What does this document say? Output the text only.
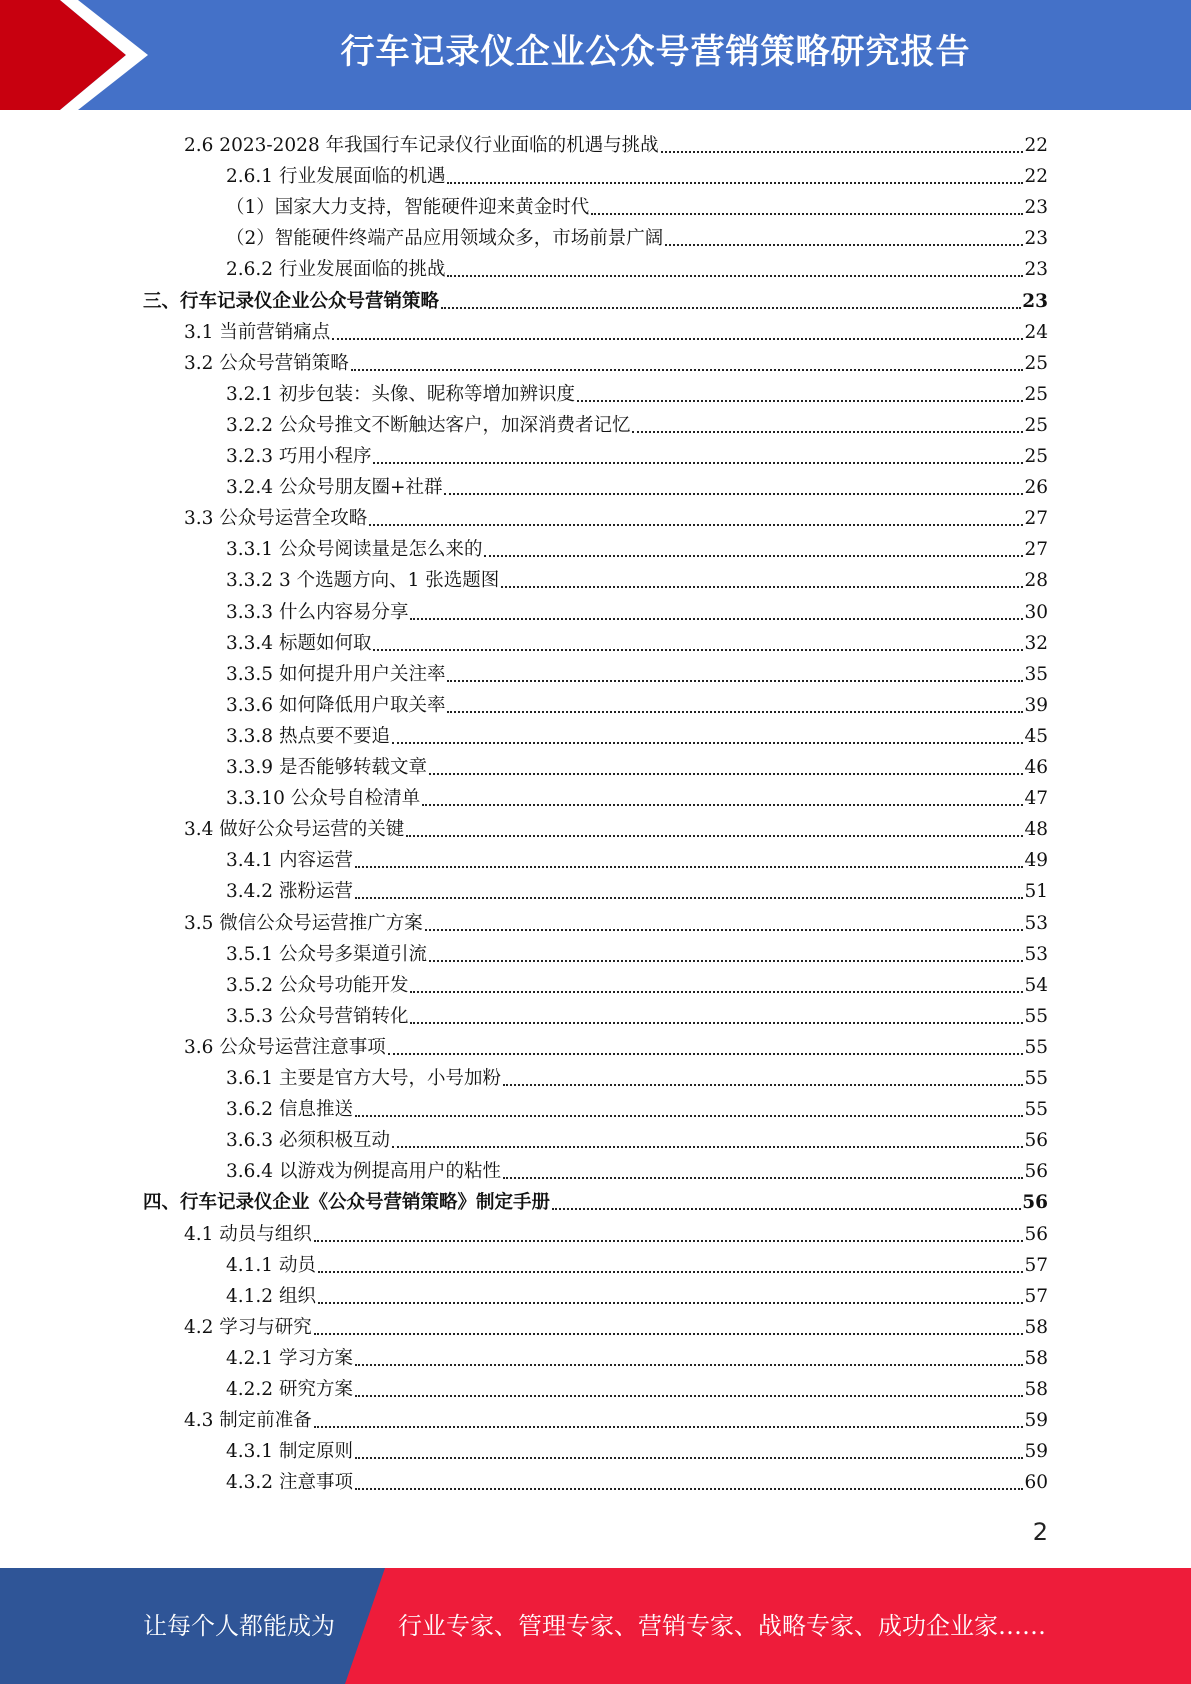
行车记录仪企业公众号营销策略研究报告
2.6 2023-2028 年我国行车记录仪行业面临的机遇与挑战	22
2.6.1 行业发展面临的机遇	22
（1）国家大力支持，智能硬件迎来黄金时代	23
（2）智能硬件终端产品应用领域众多，市场前景广阔	23
2.6.2 行业发展面临的挑战	23
三、行车记录仪企业公众号营销策略	23
3.1 当前营销痛点	24
3.2 公众号营销策略	25
3.2.1 初步包装：头像、昵称等增加辨识度	25
3.2.2 公众号推文不断触达客户，加深消费者记忆	25
3.2.3 巧用小程序	25
3.2.4 公众号朋友圈+社群	26
3.3 公众号运营全攻略	27
3.3.1 公众号阅读量是怎么来的	27
3.3.2 3 个选题方向、1 张选题图	28
3.3.3 什么内容易分享	30
3.3.4 标题如何取	32
3.3.5 如何提升用户关注率	35
3.3.6 如何降低用户取关率	39
3.3.8 热点要不要追	45
3.3.9 是否能够转载文章	46
3.3.10 公众号自检清单	47
3.4 做好公众号运营的关键	48
3.4.1 内容运营	49
3.4.2 涨粉运营	51
3.5 微信公众号运营推广方案	53
3.5.1 公众号多渠道引流	53
3.5.2 公众号功能开发	54
3.5.3 公众号营销转化	55
3.6 公众号运营注意事项	55
3.6.1 主要是官方大号，小号加粉	55
3.6.2 信息推送	55
3.6.3 必须积极互动	56
3.6.4 以游戏为例提高用户的粘性	56
四、行车记录仪企业《公众号营销策略》制定手册	56
4.1 动员与组织	56
4.1.1 动员	57
4.1.2 组织	57
4.2 学习与研究	58
4.2.1 学习方案	58
4.2.2 研究方案	58
4.3 制定前准备	59
4.3.1 制定原则	59
4.3.2 注意事项	60
2
让每个人都能成为	行业专家、管理专家、营销专家、战略专家、成功企业家……
